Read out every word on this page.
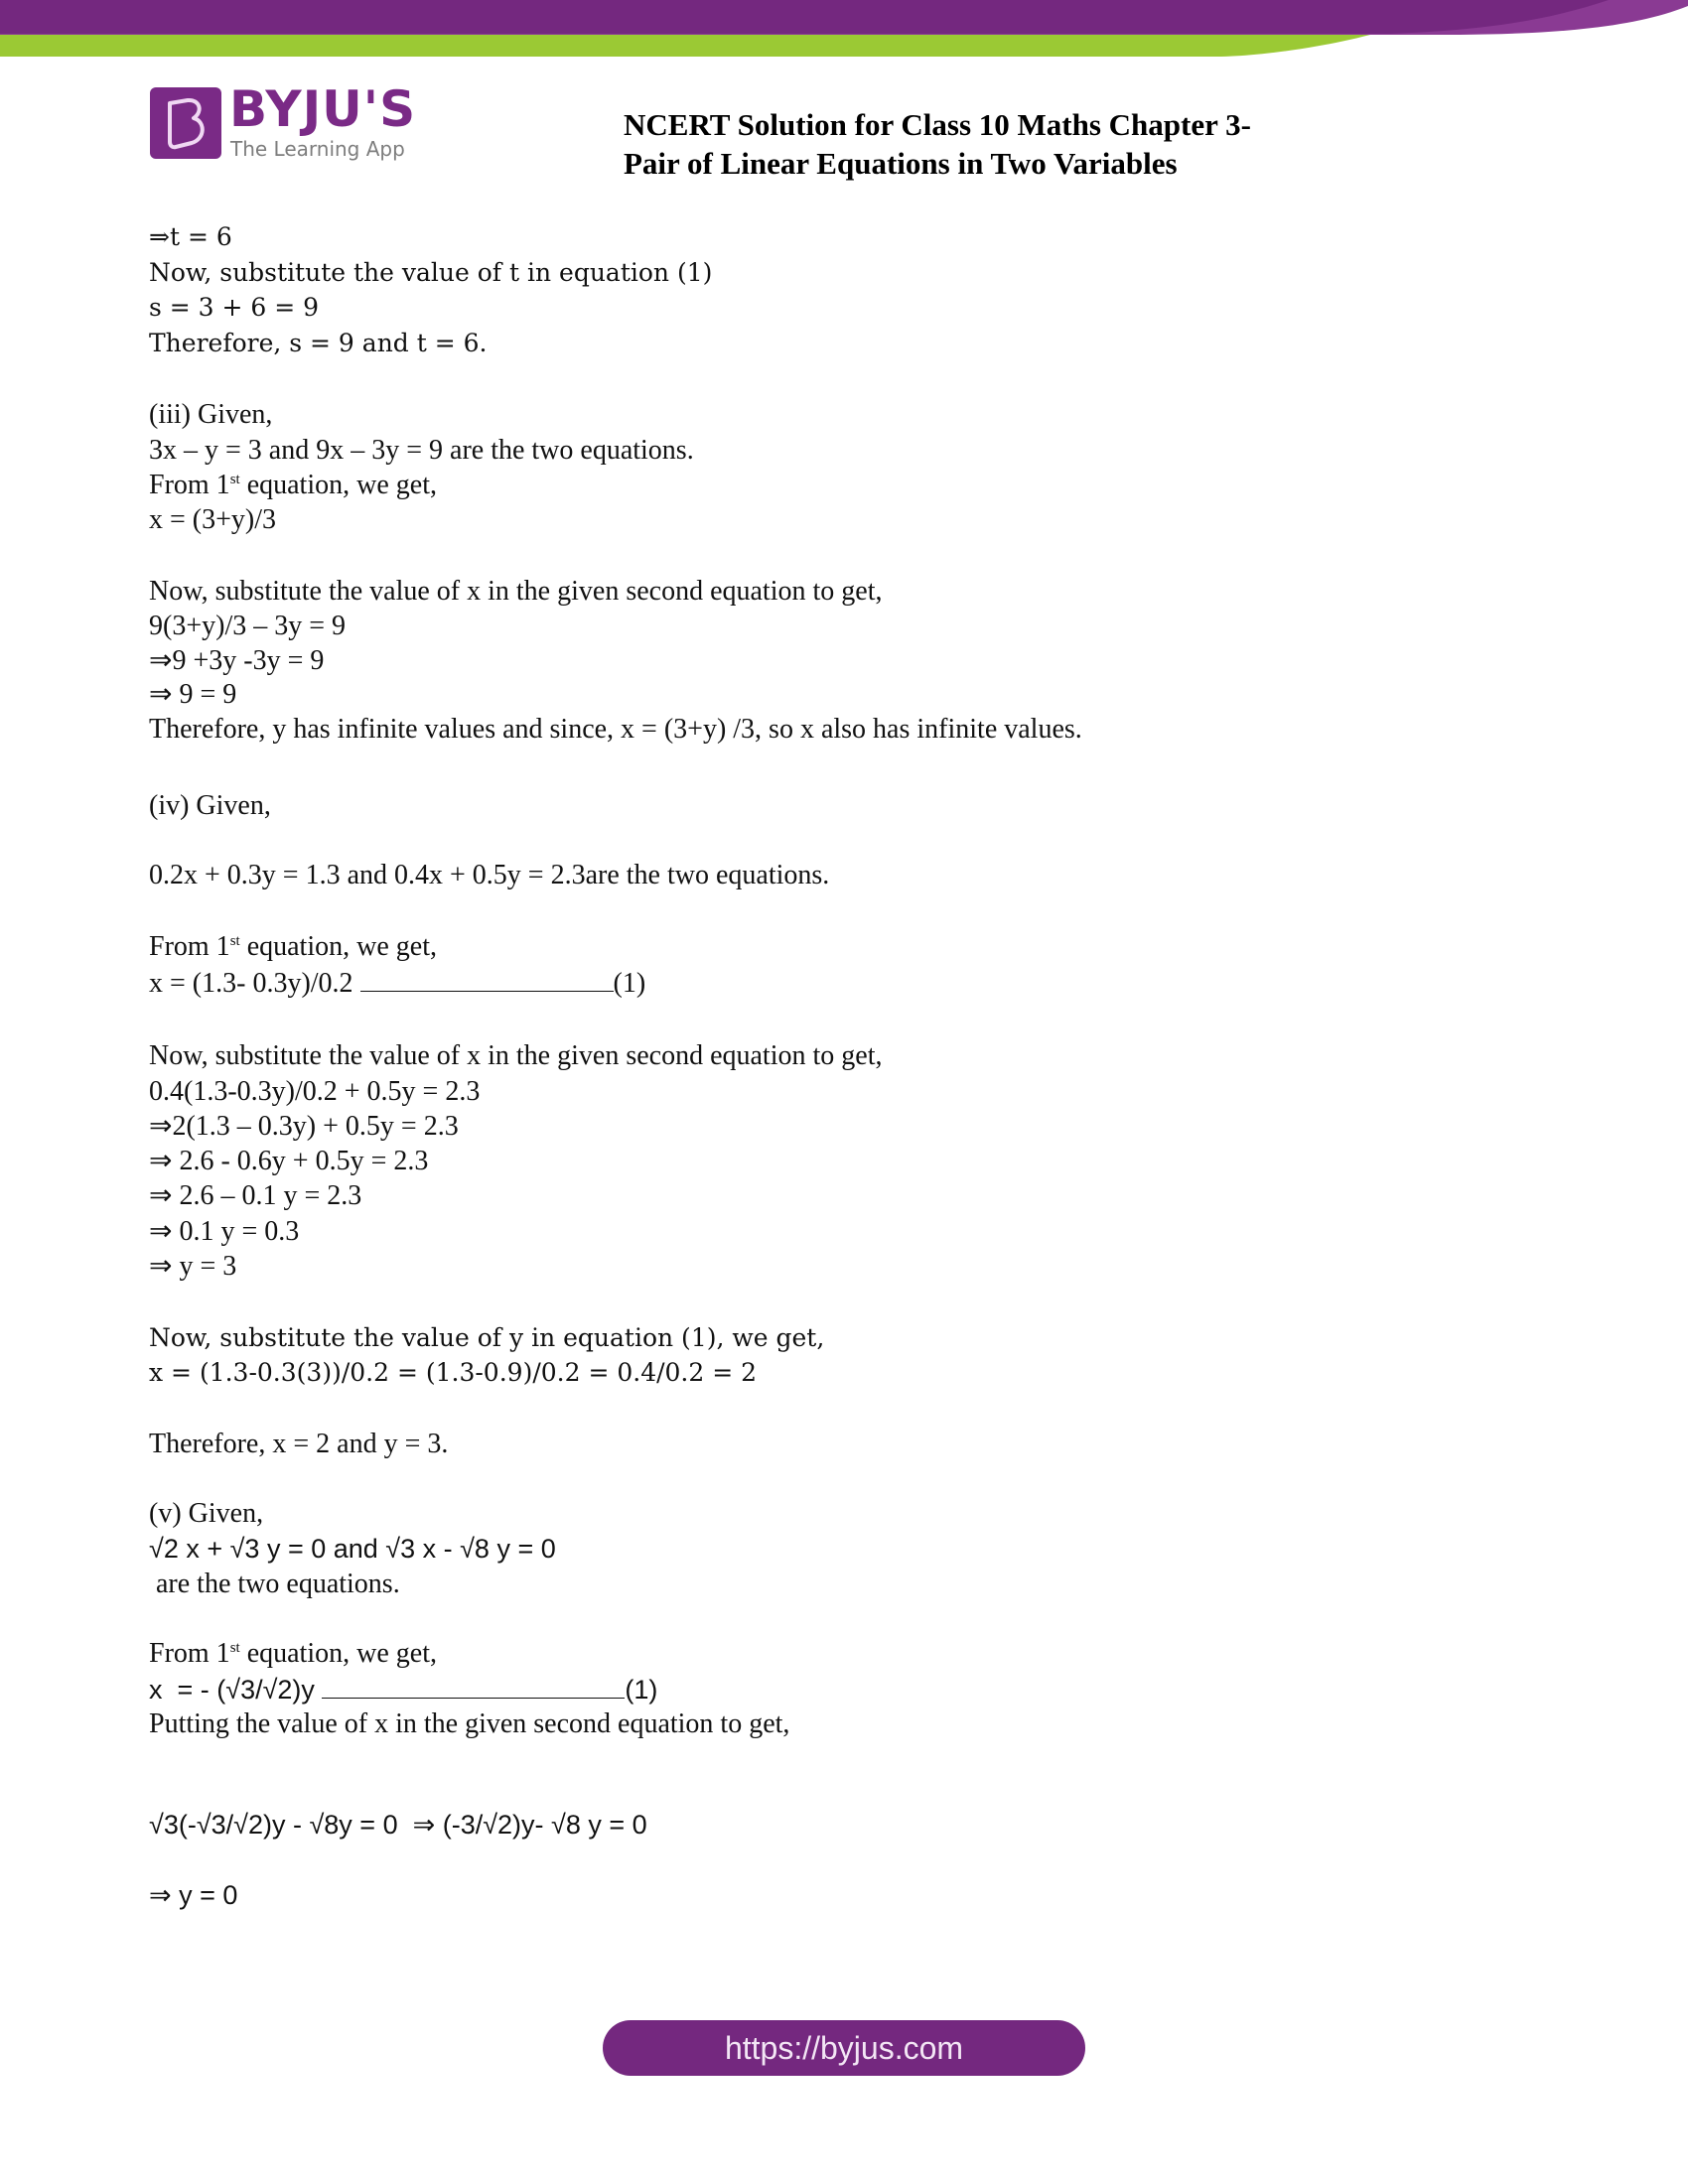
BYJU'S
The Learning App
NCERT Solution for Class 10 Maths Chapter 3-
Pair of Linear Equations in Two Variables
⇒t = 6
Now, substitute the value of t in equation (1)
s = 3 + 6 = 9
Therefore, s = 9 and t = 6.
(iii) Given,
3x – y = 3 and 9x – 3y = 9 are the two equations.
From 1st equation, we get,
x = (3+y)/3
Now, substitute the value of x in the given second equation to get,
9(3+y)/3 – 3y = 9
⇒9 +3y -3y = 9
⇒ 9 = 9
Therefore, y has infinite values and since, x = (3+y) /3, so x also has infinite values.
(iv) Given,
0.2x + 0.3y = 1.3 and 0.4x + 0.5y = 2.3are the two equations.
From 1st equation, we get,
x = (1.3- 0.3y)/0.2	(1)
Now, substitute the value of x in the given second equation to get,
0.4(1.3-0.3y)/0.2 + 0.5y = 2.3
⇒2(1.3 – 0.3y) + 0.5y = 2.3
⇒ 2.6 - 0.6y + 0.5y = 2.3
⇒ 2.6 – 0.1 y = 2.3
⇒ 0.1 y = 0.3
⇒ y = 3
Now, substitute the value of y in equation (1), we get,
x = (1.3-0.3(3))/0.2 = (1.3-0.9)/0.2 = 0.4/0.2 = 2
Therefore, x = 2 and y = 3.
(v) Given,
√2 x + √3 y = 0 and √3 x - √8 y = 0
are the two equations.
From 1st equation, we get,
x  = - (√3/√2)y	(1)
Putting the value of x in the given second equation to get,
√3(-√3/√2)y - √8y = 0  ⇒ (-3/√2)y- √8 y = 0
⇒ y = 0
https://byjus.com
